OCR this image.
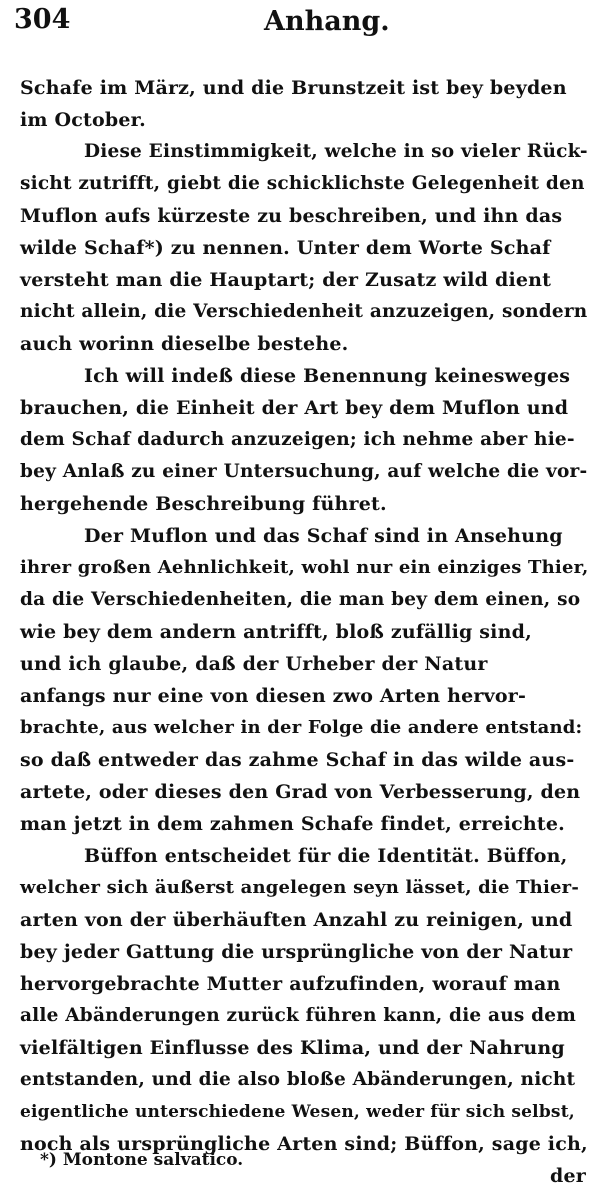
304	Anhang.
Schafe im März, und die Brunstzeit ist bey beyden
im October.
Diese Einstimmigkeit, welche in so vieler Rück-
sicht zutrifft, giebt die schicklichste Gelegenheit den
Muflon aufs kürzeste zu beschreiben, und ihn das
wilde Schaf*) zu nennen. Unter dem Worte Schaf
versteht man die Hauptart; der Zusatz wild dient
nicht allein, die Verschiedenheit anzuzeigen, sondern
auch worinn dieselbe bestehe.
Ich will indeß diese Benennung keinesweges
brauchen, die Einheit der Art bey dem Muflon und
dem Schaf dadurch anzuzeigen; ich nehme aber hie-
bey Anlaß zu einer Untersuchung, auf welche die vor-
hergehende Beschreibung führet.
Der Muflon und das Schaf sind in Ansehung
ihrer großen Aehnlichkeit, wohl nur ein einziges Thier,
da die Verschiedenheiten, die man bey dem einen, so
wie bey dem andern antrifft, bloß zufällig sind,
und ich glaube, daß der Urheber der Natur
anfangs nur eine von diesen zwo Arten hervor-
brachte, aus welcher in der Folge die andere entstand:
so daß entweder das zahme Schaf in das wilde aus-
artete, oder dieses den Grad von Verbesserung, den
man jetzt in dem zahmen Schafe findet, erreichte.
Büffon entscheidet für die Identität. Büffon,
welcher sich äußerst angelegen seyn lässet, die Thier-
arten von der überhäuften Anzahl zu reinigen, und
bey jeder Gattung die ursprüngliche von der Natur
hervorgebrachte Mutter aufzufinden, worauf man
alle Abänderungen zurück führen kann, die aus dem
vielfältigen Einflusse des Klima, und der Nahrung
entstanden, und die also bloße Abänderungen, nicht
eigentliche unterschiedene Wesen, weder für sich selbst,
noch als ursprüngliche Arten sind; Büffon, sage ich,
der
*) Montone salvatico.
